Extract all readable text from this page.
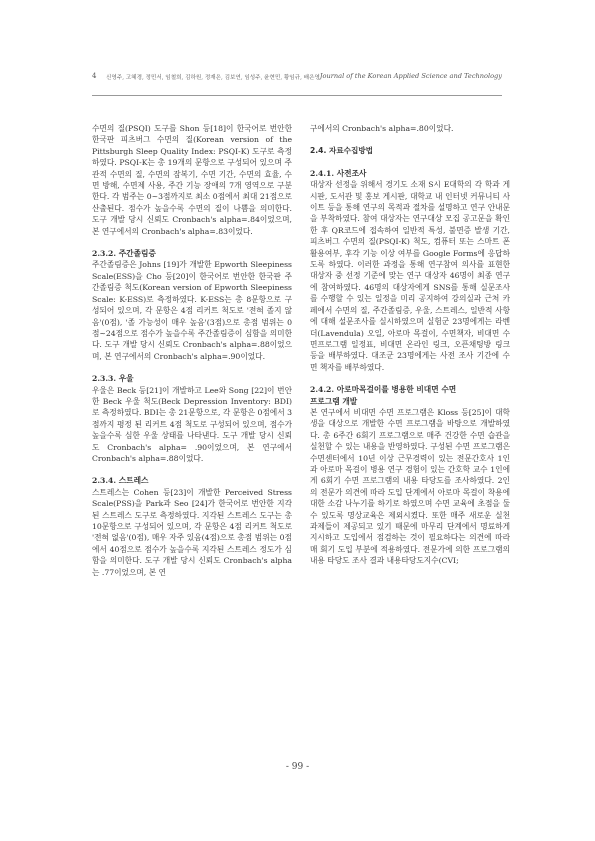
4 신영주, 고혜경, 정민서, 임철희, 김하원, 정재은, 김보연, 임성주, 윤현민, 황임규, 배은영 Journal of the Korean Applied Science and Technology

수면의 질(PSQI) 도구를 Shon 등[18]이 한국어로 번안한 한국판 피츠버그 수면의 질(Korean version of the Pittsburgh Sleep Quality Index: PSQI-K) 도구로 측정하였다. PSQI-K는 총 19개의 문항으로 구성되어 있으며 주관적 수면의 질, 수면의 잠복기, 수면 기간, 수면의 효율, 수면 방해, 수면제 사용, 주간 기능 장애의 7개 영역으로 구분한다. 각 범주는 0~3점까지로 최소 0점에서 최대 21점으로 산출된다. 점수가 높을수록 수면의 질이 나쁨을 의미한다. 도구 개발 당시 신뢰도 Cronbach's alpha=.84이었으며, 본 연구에서의 Cronbach's alpha=.83이었다.

2.3.2. 주간졸림증

주간졸림증은 Johns [19]가 개발한 Epworth Sleepiness Scale(ESS)을 Cho 등[20]이 한국어로 번안한 한국판 주간졸림증 척도(Korean version of Epworth Sleepiness Scale: K-ESS)로 측정하였다. K-ESS는 총 8문항으로 구성되어 있으며, 각 문항은 4점 리커트 척도로 '전혀 졸지 않음'(0점), '졸 가능성이 매우 높음'(3점)으로 총점 범위는 0점~24점으로 점수가 높을수록 주간졸림증이 심함을 의미한다. 도구 개발 당시 신뢰도 Cronbach's alpha=.88이었으며, 본 연구에서의 Cronbach's alpha=.90이었다.

2.3.3. 우울

우울은 Beck 등[21]이 개발하고 Lee와 Song [22]이 번안한 Beck 우울 척도(Beck Depression Inventory: BDI)로 측정하였다. BDI는 총 21문항으로, 각 문항은 0점에서 3점까지 평정 된 리커트 4점 척도로 구성되어 있으며, 점수가 높을수록 심한 우울 상태를 나타낸다. 도구 개발 당시 신뢰도 Cronbach's alpha= .90이었으며, 본 연구에서 Cronbach's alpha=.88이었다.

2.3.4. 스트레스

스트레스는 Cohen 등[23]이 개발한 Perceived Stress Scale(PSS)을 Park과 Seo [24]가 한국어로 번안한 지각된 스트레스 도구로 측정하였다. 지각된 스트레스 도구는 총 10문항으로 구성되어 있으며, 각 문항은 4점 리커트 척도로 '전혀 없음'(0점), 매우 자주 있음(4점)으로 총점 범위는 0점에서 40점으로 점수가 높을수록 지각된 스트레스 정도가 심함을 의미한다. 도구 개발 당시 신뢰도 Cronbach's alpha는 .77이었으며, 본 연

구에서의 Cronbach's alpha=.80이었다.

2.4. 자료수집방법

2.4.1. 사전조사

대상자 선정을 위해서 경기도 소재 S시 E대학의 각 학과 게시판, 도서관 및 홍보 게시판, 대학교 내 인터넷 커뮤니티 사이트 등을 통해 연구의 목적과 절차를 설명하고 연구 안내문을 부착하였다. 참여 대상자는 연구대상 모집 공고문을 확인한 후 QR코드에 접속하여 일반적 특성, 불면증 발생 기간, 피츠버그 수면의 질(PSQI-K) 척도, 컴퓨터 또는 스마트 폰 활용여부, 후각 기능 이상 여부를 Google Forms에 응답하도록 하였다. 이러한 과정을 통해 연구참여 의사를 표현한 대상자 중 선정 기준에 맞는 연구 대상자 46명이 최종 연구에 참여하였다. 46명의 대상자에게 SNS를 통해 실문조사를 수행할 수 있는 일정을 미리 공지하여 강의실과 근처 카페에서 수면의 질, 주간졸림증, 우울, 스트레스, 일반적 사항에 대해 설문조사를 실시하였으며 실험군 23명에게는 라벤더(Lavendula) 오일, 아로마 목걸이, 수면책자, 비대면 수면프로그램 일정표, 비대면 온라인 링크, 오픈채팅방 링크 등을 배부하였다. 대조군 23명에게는 사전 조사 기간에 수면 책자를 배부하였다.

2.4.2. 아로마목걸이를 병용한 비대면 수면

프로그램 개발

본 연구에서 비대면 수면 프로그램은 Kloss 등[25]이 대학생을 대상으로 개발한 수면 프로그램을 바탕으로 개발하였다. 총 6주간 6회기 프로그램으로 매주 건강한 수면 습관을 실천할 수 있는 내용을 반영하였다. 구성된 수면 프로그램은 수면센터에서 10년 이상 근무경력이 있는 전문간호사 1인과 아로마 목걸이 병용 연구 경험이 있는 간호학 교수 1인에게 6회기 수면 프로그램의 내용 타당도를 조사하였다. 2인의 전문가 의견에 따라 도입 단계에서 아로마 목걸이 착용에 대한 소감 나누기를 하기로 하였으며 수면 교육에 초점을 둘 수 있도록 명상교육은 제외시켰다. 또한 매주 새로운 실천 과제들이 제공되고 있기 때문에 마무리 단계에서 명료하게 지시하고 도입에서 점검하는 것이 필요하다는 의견에 따라 매 회기 도입 부분에 적용하였다. 전문가에 의한 프로그램의 내용 타당도 조사 결과 내용타당도지수(CVI;

- 99 -
